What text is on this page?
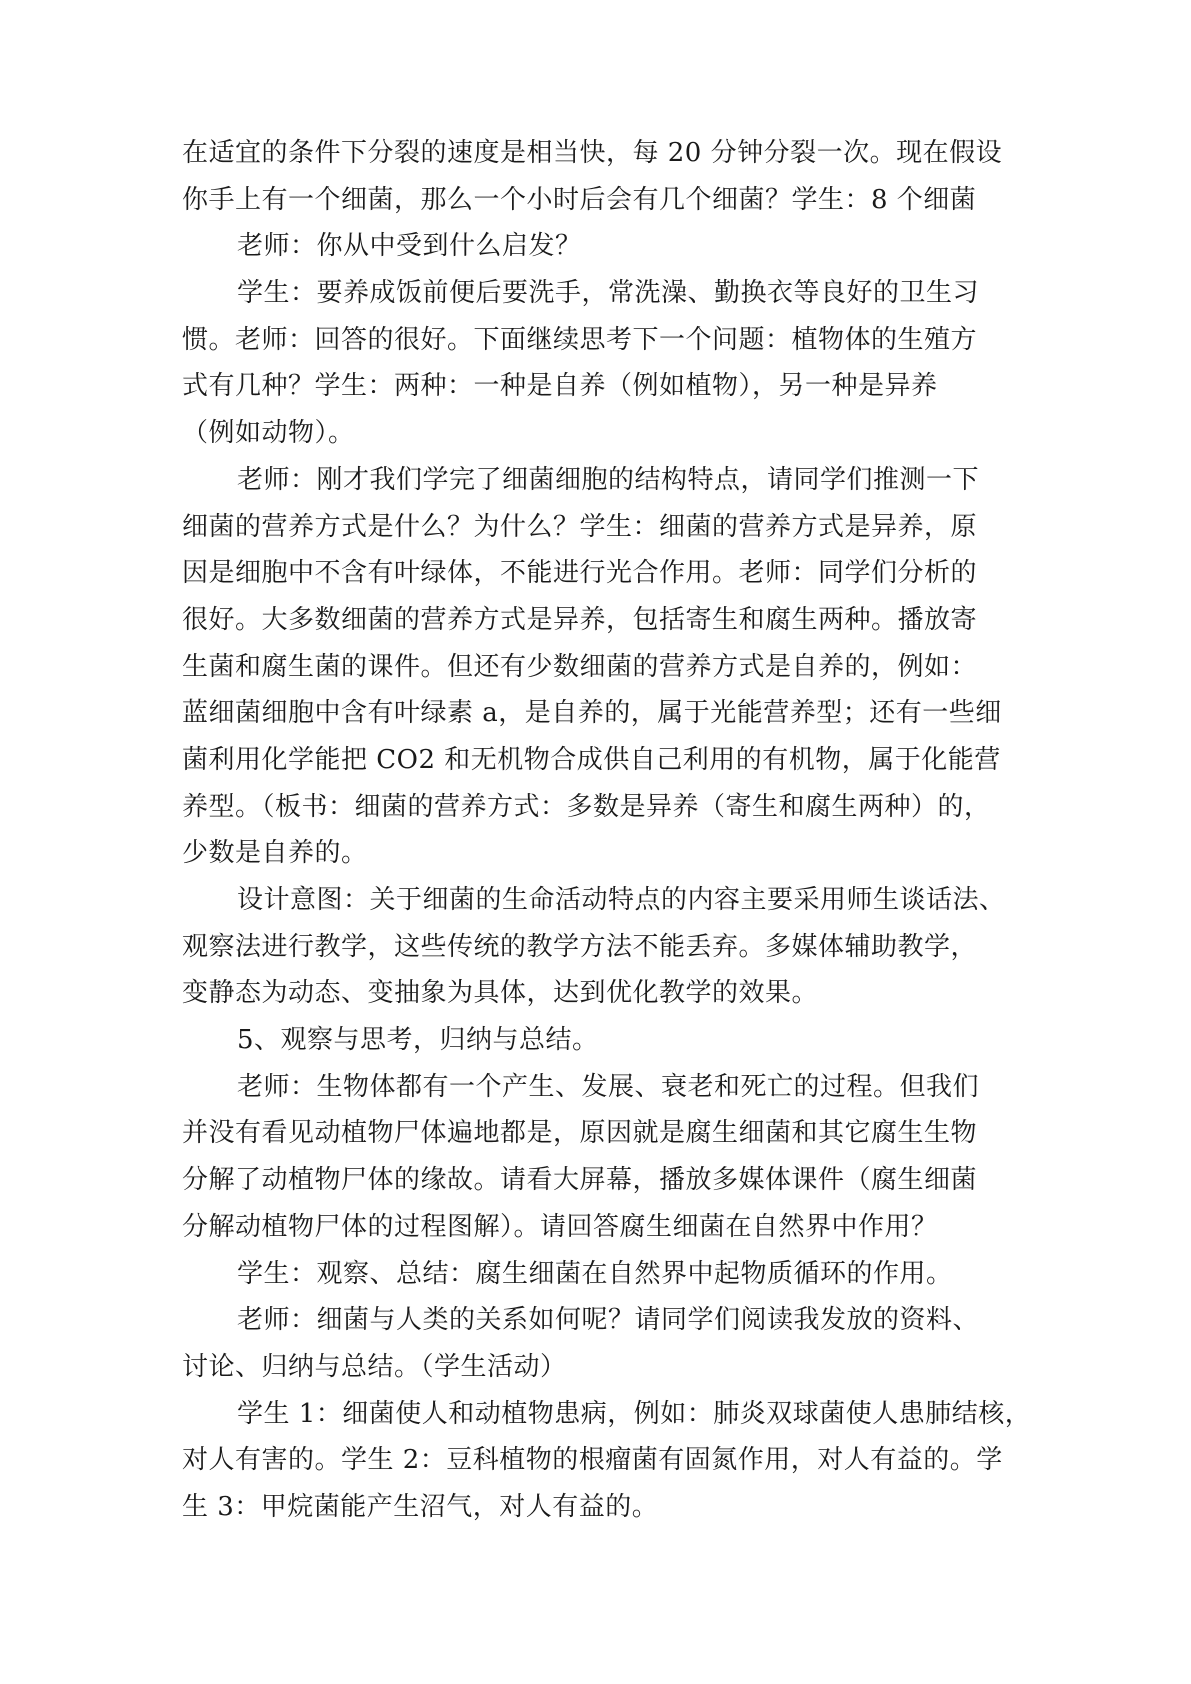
在适宜的条件下分裂的速度是相当快，每 20 分钟分裂一次。现在假设
你手上有一个细菌，那么一个小时后会有几个细菌？学生：8 个细菌
老师：你从中受到什么启发？
学生：要养成饭前便后要洗手，常洗澡、勤换衣等良好的卫生习
惯。老师：回答的很好。下面继续思考下一个问题：植物体的生殖方
式有几种？学生：两种：一种是自养（例如植物），另一种是异养
（例如动物）。
老师：刚才我们学完了细菌细胞的结构特点，请同学们推测一下
细菌的营养方式是什么？为什么？学生：细菌的营养方式是异养，原
因是细胞中不含有叶绿体，不能进行光合作用。老师：同学们分析的
很好。大多数细菌的营养方式是异养，包括寄生和腐生两种。播放寄
生菌和腐生菌的课件。但还有少数细菌的营养方式是自养的，例如：
蓝细菌细胞中含有叶绿素 a，是自养的，属于光能营养型；还有一些细
菌利用化学能把 CO2 和无机物合成供自己利用的有机物，属于化能营
养型。（板书：细菌的营养方式：多数是异养（寄生和腐生两种）的，
少数是自养的。
设计意图：关于细菌的生命活动特点的内容主要采用师生谈话法、
观察法进行教学，这些传统的教学方法不能丢弃。多媒体辅助教学，
变静态为动态、变抽象为具体，达到优化教学的效果。
5、观察与思考，归纳与总结。
老师：生物体都有一个产生、发展、衰老和死亡的过程。但我们
并没有看见动植物尸体遍地都是，原因就是腐生细菌和其它腐生生物
分解了动植物尸体的缘故。请看大屏幕，播放多媒体课件（腐生细菌
分解动植物尸体的过程图解）。请回答腐生细菌在自然界中作用？
学生：观察、总结：腐生细菌在自然界中起物质循环的作用。
老师：细菌与人类的关系如何呢？请同学们阅读我发放的资料、
讨论、归纳与总结。（学生活动）
学生 1：细菌使人和动植物患病，例如：肺炎双球菌使人患肺结核，
对人有害的。学生 2：豆科植物的根瘤菌有固氮作用，对人有益的。学
生 3：甲烷菌能产生沼气，对人有益的。
